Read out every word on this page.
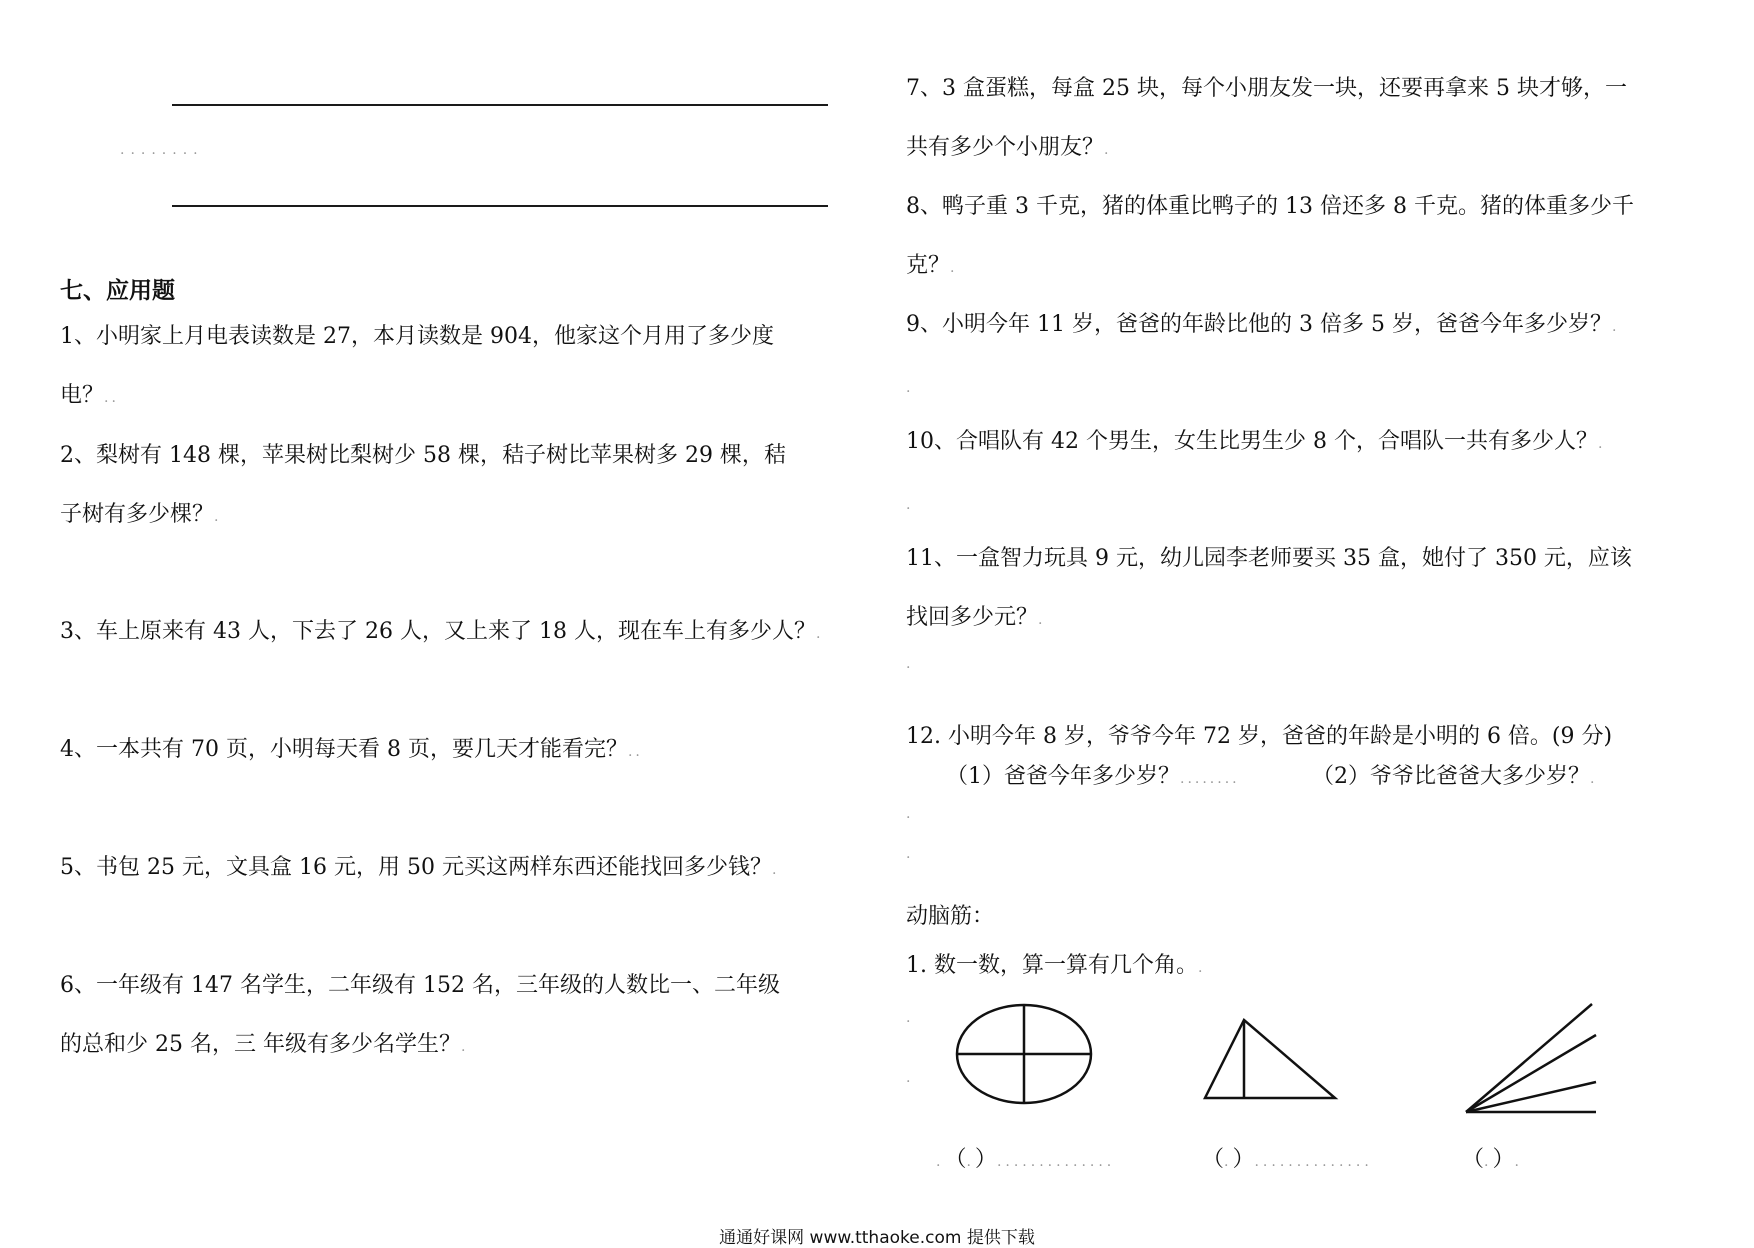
........
七、应用题
1、小明家上月电表读数是 27，本月读数是 904，他家这个月用了多少度
电？..
2、梨树有 148 棵，苹果树比梨树少 58 棵，秸子树比苹果树多 29 棵，秸
子树有多少棵？.
3、车上原来有 43 人，下去了 26 人，又上来了 18 人，现在车上有多少人？.
4、一本共有 70 页，小明每天看 8 页，要几天才能看完？..
5、书包 25 元，文具盒 16 元，用 50 元买这两样东西还能找回多少钱？.
6、一年级有 147 名学生，二年级有 152 名，三年级的人数比一、二年级
的总和少 25 名，三 年级有多少名学生？.
7、3 盒蛋糕，每盒 25 块，每个小朋友发一块，还要再拿来 5 块才够，一
共有多少个小朋友？.
8、鸭子重 3 千克，猪的体重比鸭子的 13 倍还多 8 千克。猪的体重多少千
克？.
9、小明今年 11 岁，爸爸的年龄比他的 3 倍多 5 岁，爸爸今年多少岁？.
.
10、合唱队有 42 个男生，女生比男生少 8 个，合唱队一共有多少人？.
.
11、一盒智力玩具 9 元，幼儿园李老师要买 35 盒，她付了 350 元，应该
找回多少元？.
.
12. 小明今年 8 岁，爷爷今年 72 岁，爸爸的年龄是小明的 6 倍。(9 分)
（1）爸爸今年多少岁？........	（2）爷爷比爸爸大多少岁？.
.
.
动脑筋：
1. 数一数，算一算有几个角。.
.
.
.（.）..............	（.）..............	（.）.
通通好课网 www.tthaoke.com 提供下载
